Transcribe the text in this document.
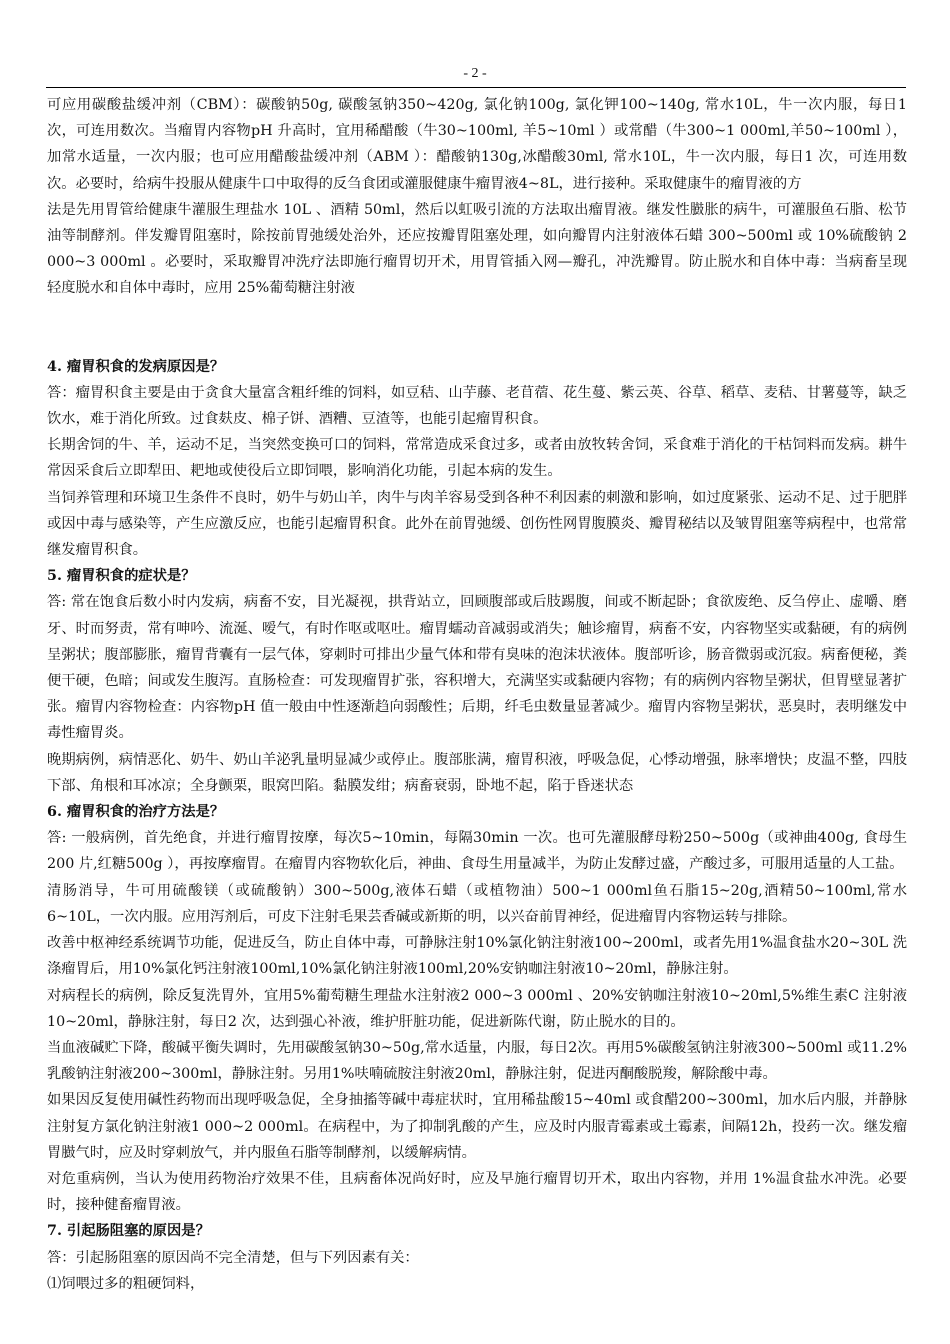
- 2 -

可应用碳酸盐缓冲剂（CBM）：碳酸钠50g, 碳酸氢钠350~420g, 氯化钠100g, 氯化钾100~140g, 常水10L，牛一次内服，每日1 次，可连用数次。当瘤胃内容物pH 升高时，宜用稀醋酸（牛30~100ml, 羊5~10ml ）或常醋（牛300~1 000ml,羊50~100ml ），加常水适量，一次内服；也可应用醋酸盐缓冲剂（ABM ）：醋酸钠130g,冰醋酸30ml, 常水10L，牛一次内服，每日1 次，可连用数次。必要时，给病牛投服从健康牛口中取得的反刍食团或灌服健康牛瘤胃液4~8L，进行接种。采取健康牛的瘤胃液的方

法是先用胃管给健康牛灌服生理盐水 10L 、酒精 50ml，然后以虹吸引流的方法取出瘤胃液。继发性臌胀的病牛，可灌服鱼石脂、松节油等制酵剂。伴发瓣胃阻塞时，除按前胃弛缓处治外，还应按瓣胃阻塞处理，如向瓣胃内注射液体石蜡 300~500ml 或 10%硫酸钠 2 000~3 000ml 。必要时，采取瓣胃冲洗疗法即施行瘤胃切开术，用胃管插入网—瓣孔，冲洗瓣胃。防止脱水和自体中毒：当病畜呈现轻度脱水和自体中毒时，应用 25%葡萄糖注射液

4. 瘤胃积食的发病原因是？

答：瘤胃积食主要是由于贪食大量富含粗纤维的饲料，如豆秸、山芋藤、老苜蓿、花生蔓、紫云英、谷草、稻草、麦秸、甘薯蔓等，缺乏饮水，难于消化所致。过食麸皮、棉子饼、酒糟、豆渣等，也能引起瘤胃积食。

长期舍饲的牛、羊，运动不足，当突然变换可口的饲料，常常造成采食过多，或者由放牧转舍饲，采食难于消化的干枯饲料而发病。耕牛常因采食后立即犁田、耙地或使役后立即饲喂，影响消化功能，引起本病的发生。

当饲养管理和环境卫生条件不良时，奶牛与奶山羊，肉牛与肉羊容易受到各种不利因素的刺激和影响，如过度紧张、运动不足、过于肥胖或因中毒与感染等，产生应激反应，也能引起瘤胃积食。此外在前胃弛缓、创伤性网胃腹膜炎、瓣胃秘结以及皱胃阻塞等病程中，也常常继发瘤胃积食。

5. 瘤胃积食的症状是？

答: 常在饱食后数小时内发病，病畜不安，目光凝视，拱背站立，回顾腹部或后肢踢腹，间或不断起卧；食欲废绝、反刍停止、虚嚼、磨牙、时而努责，常有呻吟、流涎、嗳气，有时作呕或呕吐。瘤胃蠕动音减弱或消失；触诊瘤胃，病畜不安，内容物坚实或黏硬，有的病例呈粥状；腹部膨胀，瘤胃背囊有一层气体，穿刺时可排出少量气体和带有臭味的泡沫状液体。腹部听诊，肠音微弱或沉寂。病畜便秘，粪便干硬，色暗；间或发生腹泻。直肠检查：可发现瘤胃扩张，容积增大，充满坚实或黏硬内容物；有的病例内容物呈粥状，但胃壁显著扩张。瘤胃内容物检查：内容物pH 值一般由中性逐渐趋向弱酸性；后期，纤毛虫数量显著减少。瘤胃内容物呈粥状，恶臭时，表明继发中毒性瘤胃炎。

晚期病例，病情恶化、奶牛、奶山羊泌乳量明显减少或停止。腹部胀满，瘤胃积液，呼吸急促，心悸动增强，脉率增快；皮温不整，四肢下部、角根和耳冰凉；全身颤栗，眼窝凹陷。黏膜发绀；病畜衰弱，卧地不起，陷于昏迷状态

6. 瘤胃积食的治疗方法是？

答: 一般病例，首先绝食，并进行瘤胃按摩，每次5~10min，每隔30min 一次。也可先灌服酵母粉250~500g（或神曲400g, 食母生200 片,红糖500g ），再按摩瘤胃。在瘤胃内容物软化后，神曲、食母生用量减半，为防止发酵过盛，产酸过多，可服用适量的人工盐。

清肠消导，牛可用硫酸镁（或硫酸钠）300~500g,液体石蜡（或植物油）500~1 000ml鱼石脂15~20g,酒精50~100ml,常水6~10L，一次内服。应用泻剂后，可皮下注射毛果芸香碱或新斯的明，以兴奋前胃神经，促进瘤胃内容物运转与排除。

改善中枢神经系统调节功能，促进反刍，防止自体中毒，可静脉注射10%氯化钠注射液100~200ml，或者先用1%温食盐水20~30L 洗涤瘤胃后，用10%氯化钙注射液100ml,10%氯化钠注射液100ml,20%安钠咖注射液10~20ml，静脉注射。

对病程长的病例，除反复洗胃外，宜用5%葡萄糖生理盐水注射液2 000~3 000ml 、20%安钠咖注射液10~20ml,5%维生素C 注射液10~20ml，静脉注射，每日2 次，达到强心补液，维护肝脏功能，促进新陈代谢，防止脱水的目的。

当血液碱贮下降，酸碱平衡失调时，先用碳酸氢钠30~50g,常水适量，内服，每日2次。再用5%碳酸氢钠注射液300~500ml 或11.2%乳酸钠注射液200~300ml，静脉注射。另用1%呋喃硫胺注射液20ml，静脉注射，促进丙酮酸脱羧，解除酸中毒。

如果因反复使用碱性药物而出现呼吸急促，全身抽搐等碱中毒症状时，宜用稀盐酸15~40ml 或食醋200~300ml，加水后内服，并静脉注射复方氯化钠注射液1 000~2 000ml。在病程中，为了抑制乳酸的产生，应及时内服青霉素或土霉素，间隔12h，投药一次。继发瘤胃臌气时，应及时穿刺放气，并内服鱼石脂等制酵剂，以缓解病情。

对危重病例，当认为使用药物治疗效果不佳，且病畜体况尚好时，应及早施行瘤胃切开术，取出内容物，并用 1%温食盐水冲洗。必要时，接种健畜瘤胃液。

7. 引起肠阻塞的原因是？

答：引起肠阻塞的原因尚不完全清楚，但与下列因素有关：

⑴饲喂过多的粗硬饲料，
